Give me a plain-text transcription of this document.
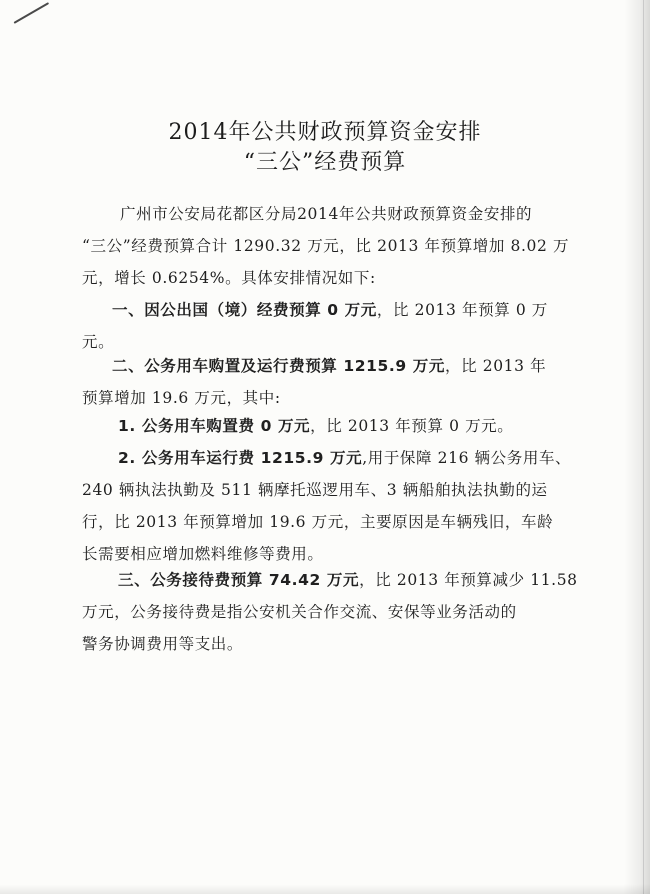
2014年公共财政预算资金安排
“三公”经费预算
广州市公安局花都区分局2014年公共财政预算资金安排的
“三公”经费预算合计 1290.32 万元，比 2013 年预算增加 8.02 万
元，增长 0.6254%。具体安排情况如下:
一、因公出国（境）经费预算 0 万元，比 2013 年预算 0 万
元。
二、公务用车购置及运行费预算 1215.9 万元，比 2013 年
预算增加 19.6 万元，其中:
1. 公务用车购置费 0 万元，比 2013 年预算 0 万元。
2. 公务用车运行费 1215.9 万元,用于保障 216 辆公务用车、
240 辆执法执勤及 511 辆摩托巡逻用车、3 辆船舶执法执勤的运
行，比 2013 年预算增加 19.6 万元，主要原因是车辆残旧，车龄
长需要相应增加燃料维修等费用。
三、公务接待费预算 74.42 万元，比 2013 年预算减少 11.58
万元，公务接待费是指公安机关合作交流、安保等业务活动的
警务协调费用等支出。
